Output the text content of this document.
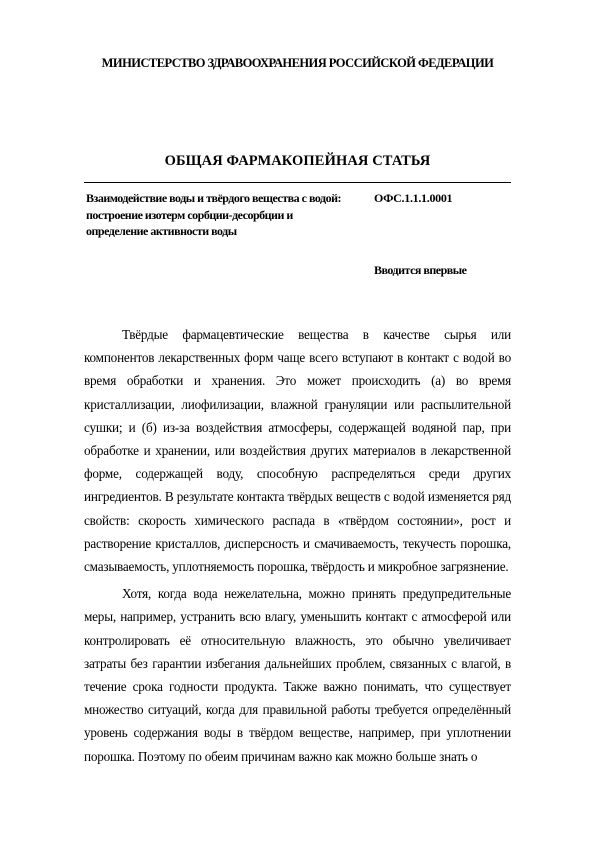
МИНИСТЕРСТВО ЗДРАВООХРАНЕНИЯ РОССИЙСКОЙ ФЕДЕРАЦИИ
ОБЩАЯ ФАРМАКОПЕЙНАЯ СТАТЬЯ
Взаимодействие воды и твёрдого вещества с водой: построение изотерм сорбции-десорбции и определение активности воды
ОФС.1.1.1.0001
Вводится впервые

Твёрдые фармацевтические вещества в качестве сырья или компонентов лекарственных форм чаще всего вступают в контакт с водой во время обработки и хранения. Это может происходить (а) во время кристаллизации, лиофилизации, влажной грануляции или распылительной сушки; и (б) из-за воздействия атмосферы, содержащей водяной пар, при обработке и хранении, или воздействия других материалов в лекарственной форме, содержащей воду, способную распределяться среди других ингредиентов. В результате контакта твёрдых веществ с водой изменяется ряд свойств: скорость химического распада в «твёрдом состоянии», рост и растворение кристаллов, дисперсность и смачиваемость, текучесть порошка, смазываемость, уплотняемость порошка, твёрдость и микробное загрязнение.

Хотя, когда вода нежелательна, можно принять предупредительные меры, например, устранить всю влагу, уменьшить контакт с атмосферой или контролировать её относительную влажность, это обычно увеличивает затраты без гарантии избегания дальнейших проблем, связанных с влагой, в течение срока годности продукта. Также важно понимать, что существует множество ситуаций, когда для правильной работы требуется определённый уровень содержания воды в твёрдом веществе, например, при уплотнении порошка. Поэтому по обеим причинам важно как можно больше знать о
